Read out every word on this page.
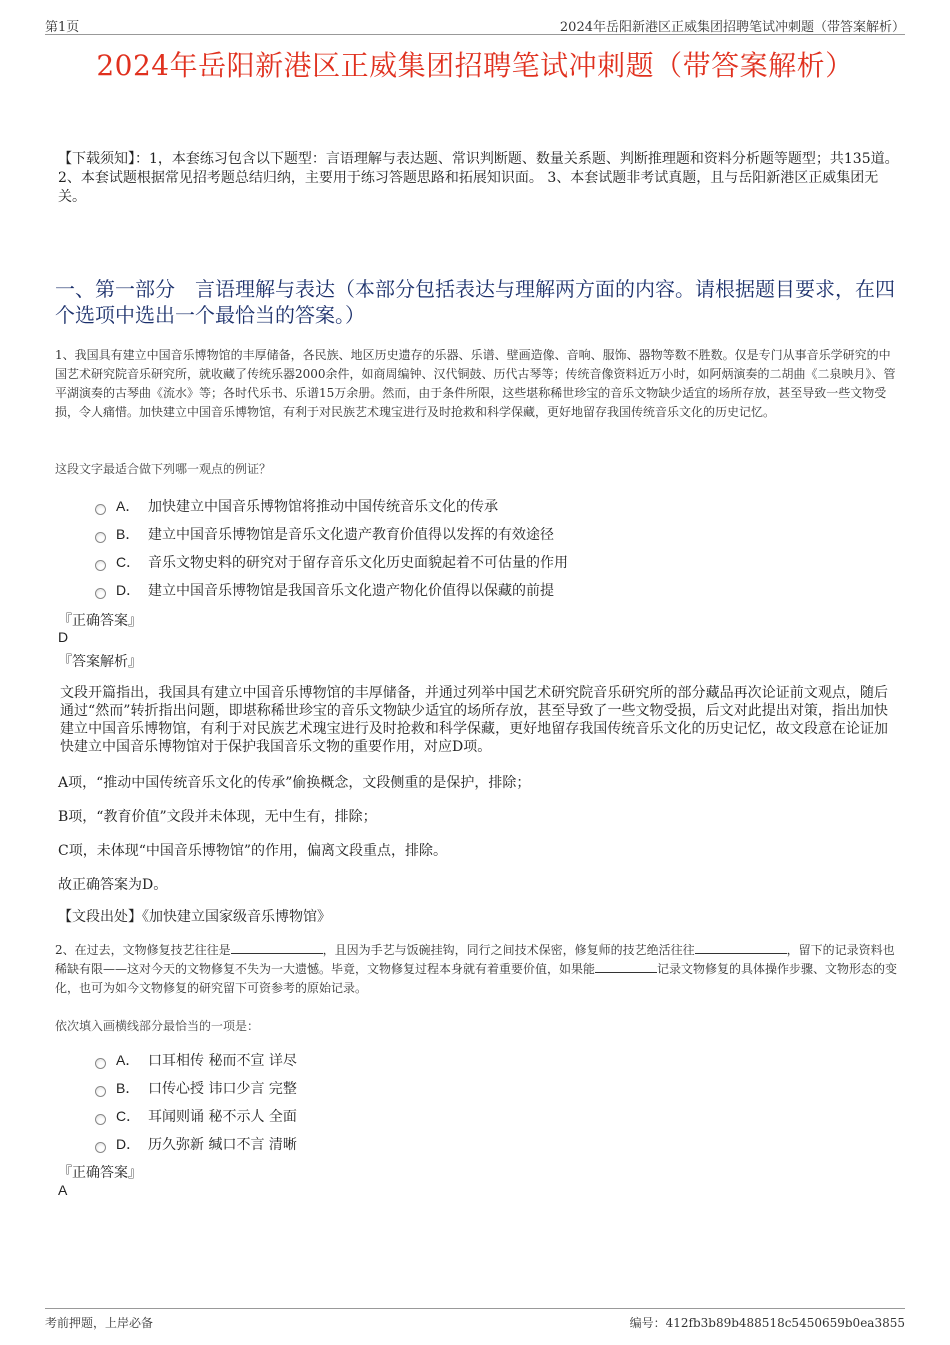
第1页	2024年岳阳新港区正威集团招聘笔试冲刺题（带答案解析）
2024年岳阳新港区正威集团招聘笔试冲刺题（带答案解析）
【下载须知】：1，本套练习包含以下题型：言语理解与表达题、常识判断题、数量关系题、判断推理题和资料分析题等题型；共135道。 2、本套试题根据常见招考题总结归纳，主要用于练习答题思路和拓展知识面。 3、本套试题非考试真题，且与岳阳新港区正威集团无关。
一、第一部分　言语理解与表达（本部分包括表达与理解两方面的内容。请根据题目要求，在四个选项中选出一个最恰当的答案。）
1、我国具有建立中国音乐博物馆的丰厚储备，各民族、地区历史遗存的乐器、乐谱、壁画造像、音响、服饰、器物等数不胜数。仅是专门从事音乐学研究的中国艺术研究院音乐研究所，就收藏了传统乐器2000余件，如商周编钟、汉代铜鼓、历代古琴等；传统音像资料近万小时，如阿炳演奏的二胡曲《二泉映月》、管平湖演奏的古琴曲《流水》等；各时代乐书、乐谱15万余册。然而，由于条件所限，这些堪称稀世珍宝的音乐文物缺少适宜的场所存放，甚至导致一些文物受损，令人痛惜。加快建立中国音乐博物馆，有利于对民族艺术瑰宝进行及时抢救和科学保藏，更好地留存我国传统音乐文化的历史记忆。
这段文字最适合做下列哪一观点的例证？
A． 加快建立中国音乐博物馆将推动中国传统音乐文化的传承
B． 建立中国音乐博物馆是音乐文化遗产教育价值得以发挥的有效途径
C． 音乐文物史料的研究对于留存音乐文化历史面貌起着不可估量的作用
D． 建立中国音乐博物馆是我国音乐文化遗产物化价值得以保藏的前提
『正确答案』
D
『答案解析』
文段开篇指出，我国具有建立中国音乐博物馆的丰厚储备，并通过列举中国艺术研究院音乐研究所的部分藏品再次论证前文观点，随后通过“然而”转折指出问题，即堪称稀世珍宝的音乐文物缺少适宜的场所存放，甚至导致了一些文物受损，后文对此提出对策，指出加快建立中国音乐博物馆，有利于对民族艺术瑰宝进行及时抢救和科学保藏，更好地留存我国传统音乐文化的历史记忆，故文段意在论证加快建立中国音乐博物馆对于保护我国音乐文物的重要作用，对应D项。
A项，“推动中国传统音乐文化的传承”偷换概念，文段侧重的是保护，排除；
B项，“教育价值”文段并未体现，无中生有，排除；
C项，未体现“中国音乐博物馆”的作用，偏离文段重点，排除。
故正确答案为D。
【文段出处】《加快建立国家级音乐博物馆》
2、在过去，文物修复技艺往往是	，且因为手艺与饭碗挂钩，同行之间技术保密，修复师的技艺绝活往往	，留下的记录资料也稀缺有限——这对今天的文物修复不失为一大遗憾。毕竟，文物修复过程本身就有着重要价值，如果能	记录文物修复的具体操作步骤、文物形态的变化，也可为如今文物修复的研究留下可资参考的原始记录。
依次填入画横线部分最恰当的一项是：
A． 口耳相传 秘而不宣 详尽
B． 口传心授 讳口少言 完整
C． 耳闻则诵 秘不示人 全面
D． 历久弥新 缄口不言 清晰
『正确答案』
A
考前押题，上岸必备	编号：412fb3b89b488518c5450659b0ea3855
